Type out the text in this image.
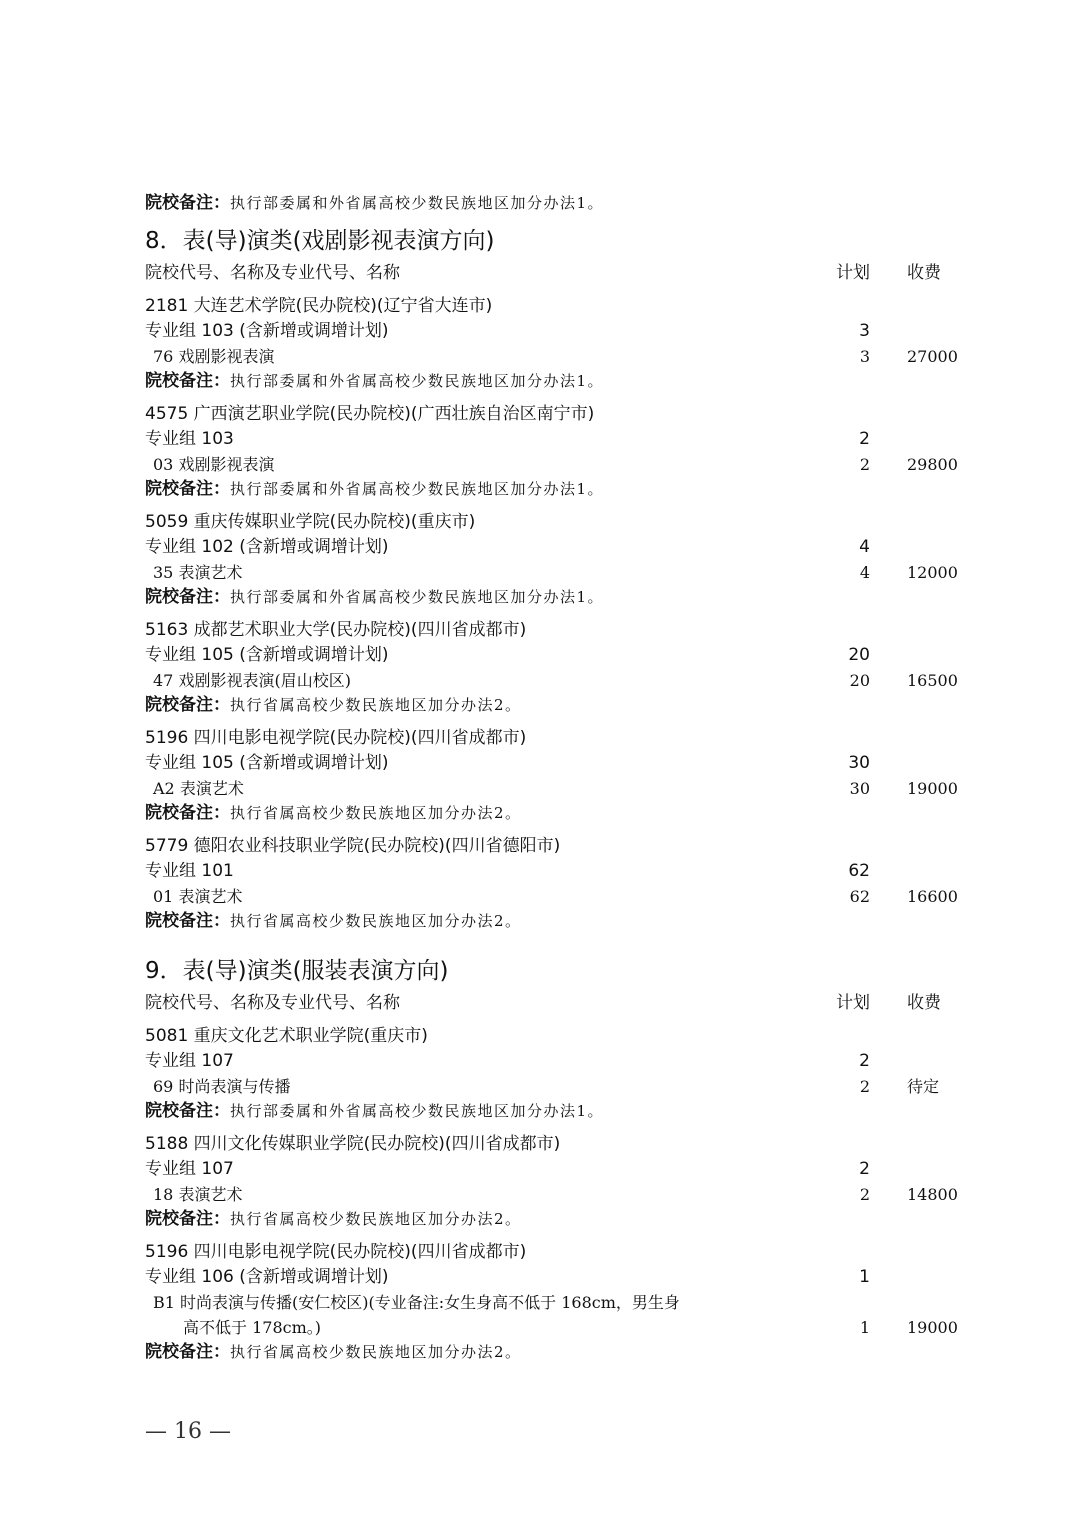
院校备注：执行部委属和外省属高校少数民族地区加分办法1。
8．表(导)演类(戏剧影视表演方向)
院校代号、名称及专业代号、名称	计划 收费
2181 大连艺术学院(民办院校)(辽宁省大连市)
专业组 103 (含新增或调增计划)	3
76 戏剧影视表演	3 27000
院校备注：执行部委属和外省属高校少数民族地区加分办法1。
4575 广西演艺职业学院(民办院校)(广西壮族自治区南宁市)
专业组 103	2
03 戏剧影视表演	2 29800
院校备注：执行部委属和外省属高校少数民族地区加分办法1。
5059 重庆传媒职业学院(民办院校)(重庆市)
专业组 102 (含新增或调增计划)	4
35 表演艺术	4 12000
院校备注：执行部委属和外省属高校少数民族地区加分办法1。
5163 成都艺术职业大学(民办院校)(四川省成都市)
专业组 105 (含新增或调增计划)	20
47 戏剧影视表演(眉山校区)	20 16500
院校备注：执行省属高校少数民族地区加分办法2。
5196 四川电影电视学院(民办院校)(四川省成都市)
专业组 105 (含新增或调增计划)	30
A2 表演艺术	30 19000
院校备注：执行省属高校少数民族地区加分办法2。
5779 德阳农业科技职业学院(民办院校)(四川省德阳市)
专业组 101	62
01 表演艺术	62 16600
院校备注：执行省属高校少数民族地区加分办法2。
9．表(导)演类(服装表演方向)
院校代号、名称及专业代号、名称	计划 收费
5081 重庆文化艺术职业学院(重庆市)
专业组 107	2
69 时尚表演与传播	2 待定
院校备注：执行部委属和外省属高校少数民族地区加分办法1。
5188 四川文化传媒职业学院(民办院校)(四川省成都市)
专业组 107	2
18 表演艺术	2 14800
院校备注：执行省属高校少数民族地区加分办法2。
5196 四川电影电视学院(民办院校)(四川省成都市)
专业组 106 (含新增或调增计划)	1
B1 时尚表演与传播(安仁校区)(专业备注:女生身高不低于 168cm，男生身
高不低于 178cm。)	1 19000
院校备注：执行省属高校少数民族地区加分办法2。
— 16 —
